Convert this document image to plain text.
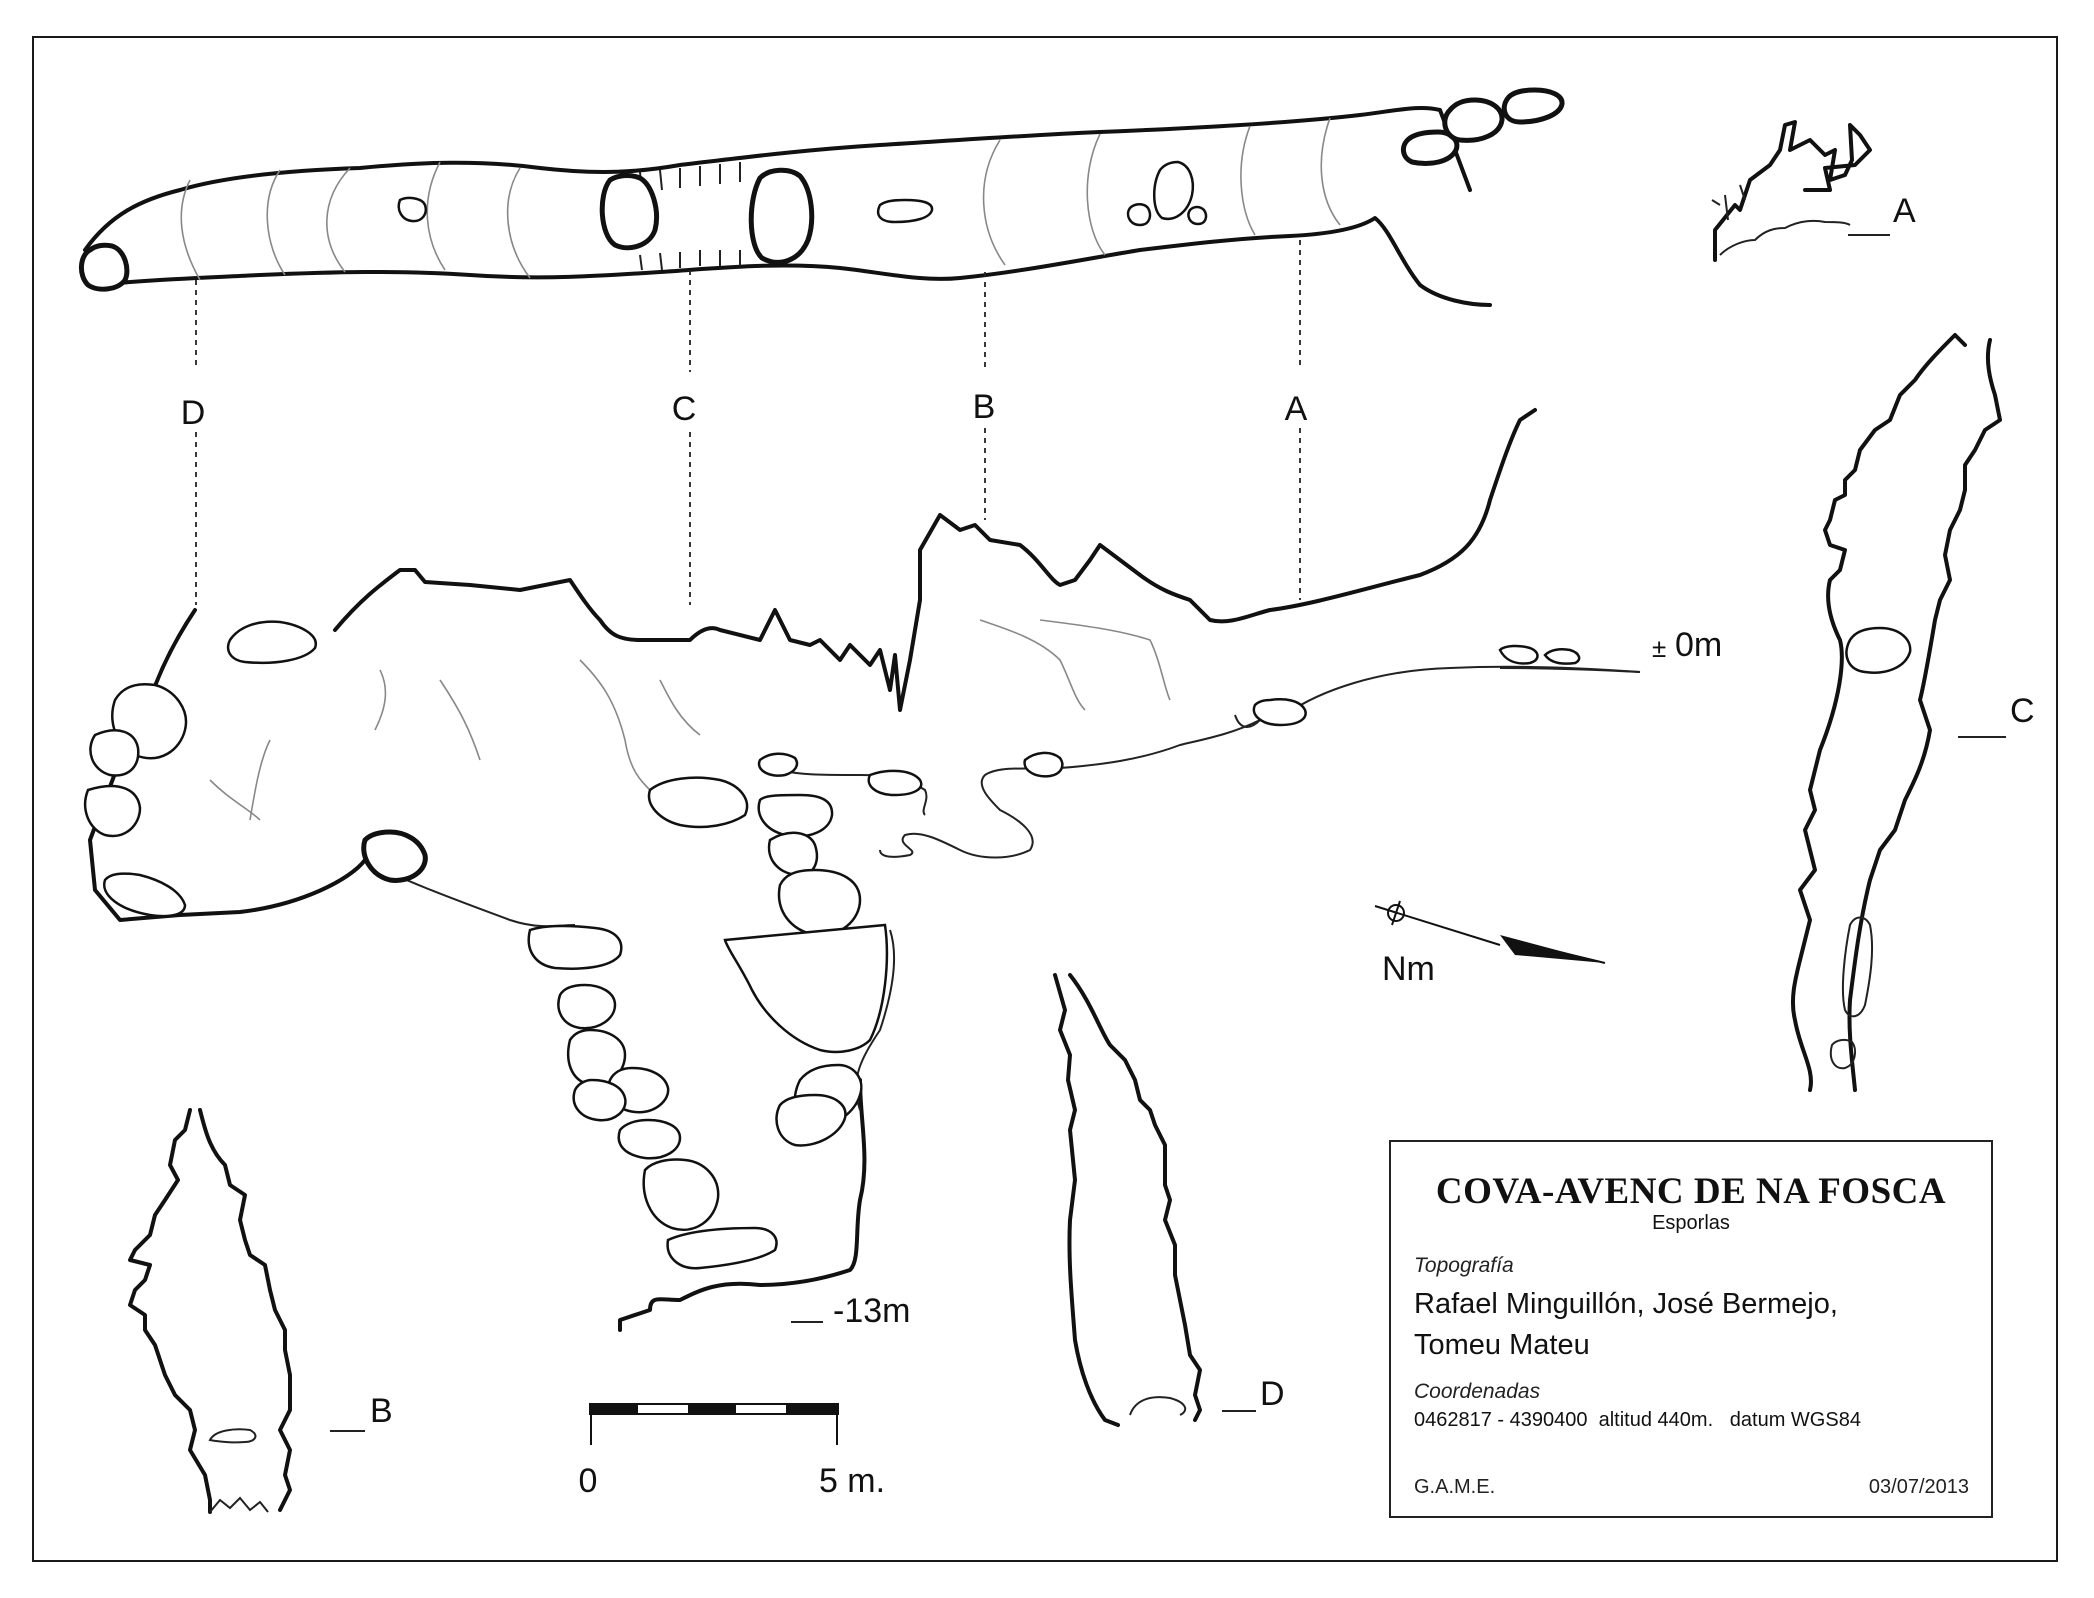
D	C	B	A
± 0m
-13m
A
C
D
B
Nm
0	5 m.
COVA-AVENC DE NA FOSCA
Esporlas
Topografía
Rafael Minguillón, José Bermejo,
Tomeu Mateu
Coordenadas
0462817 - 4390400  altitud 440m.   datum WGS84
G.A.M.E.	03/07/2013
